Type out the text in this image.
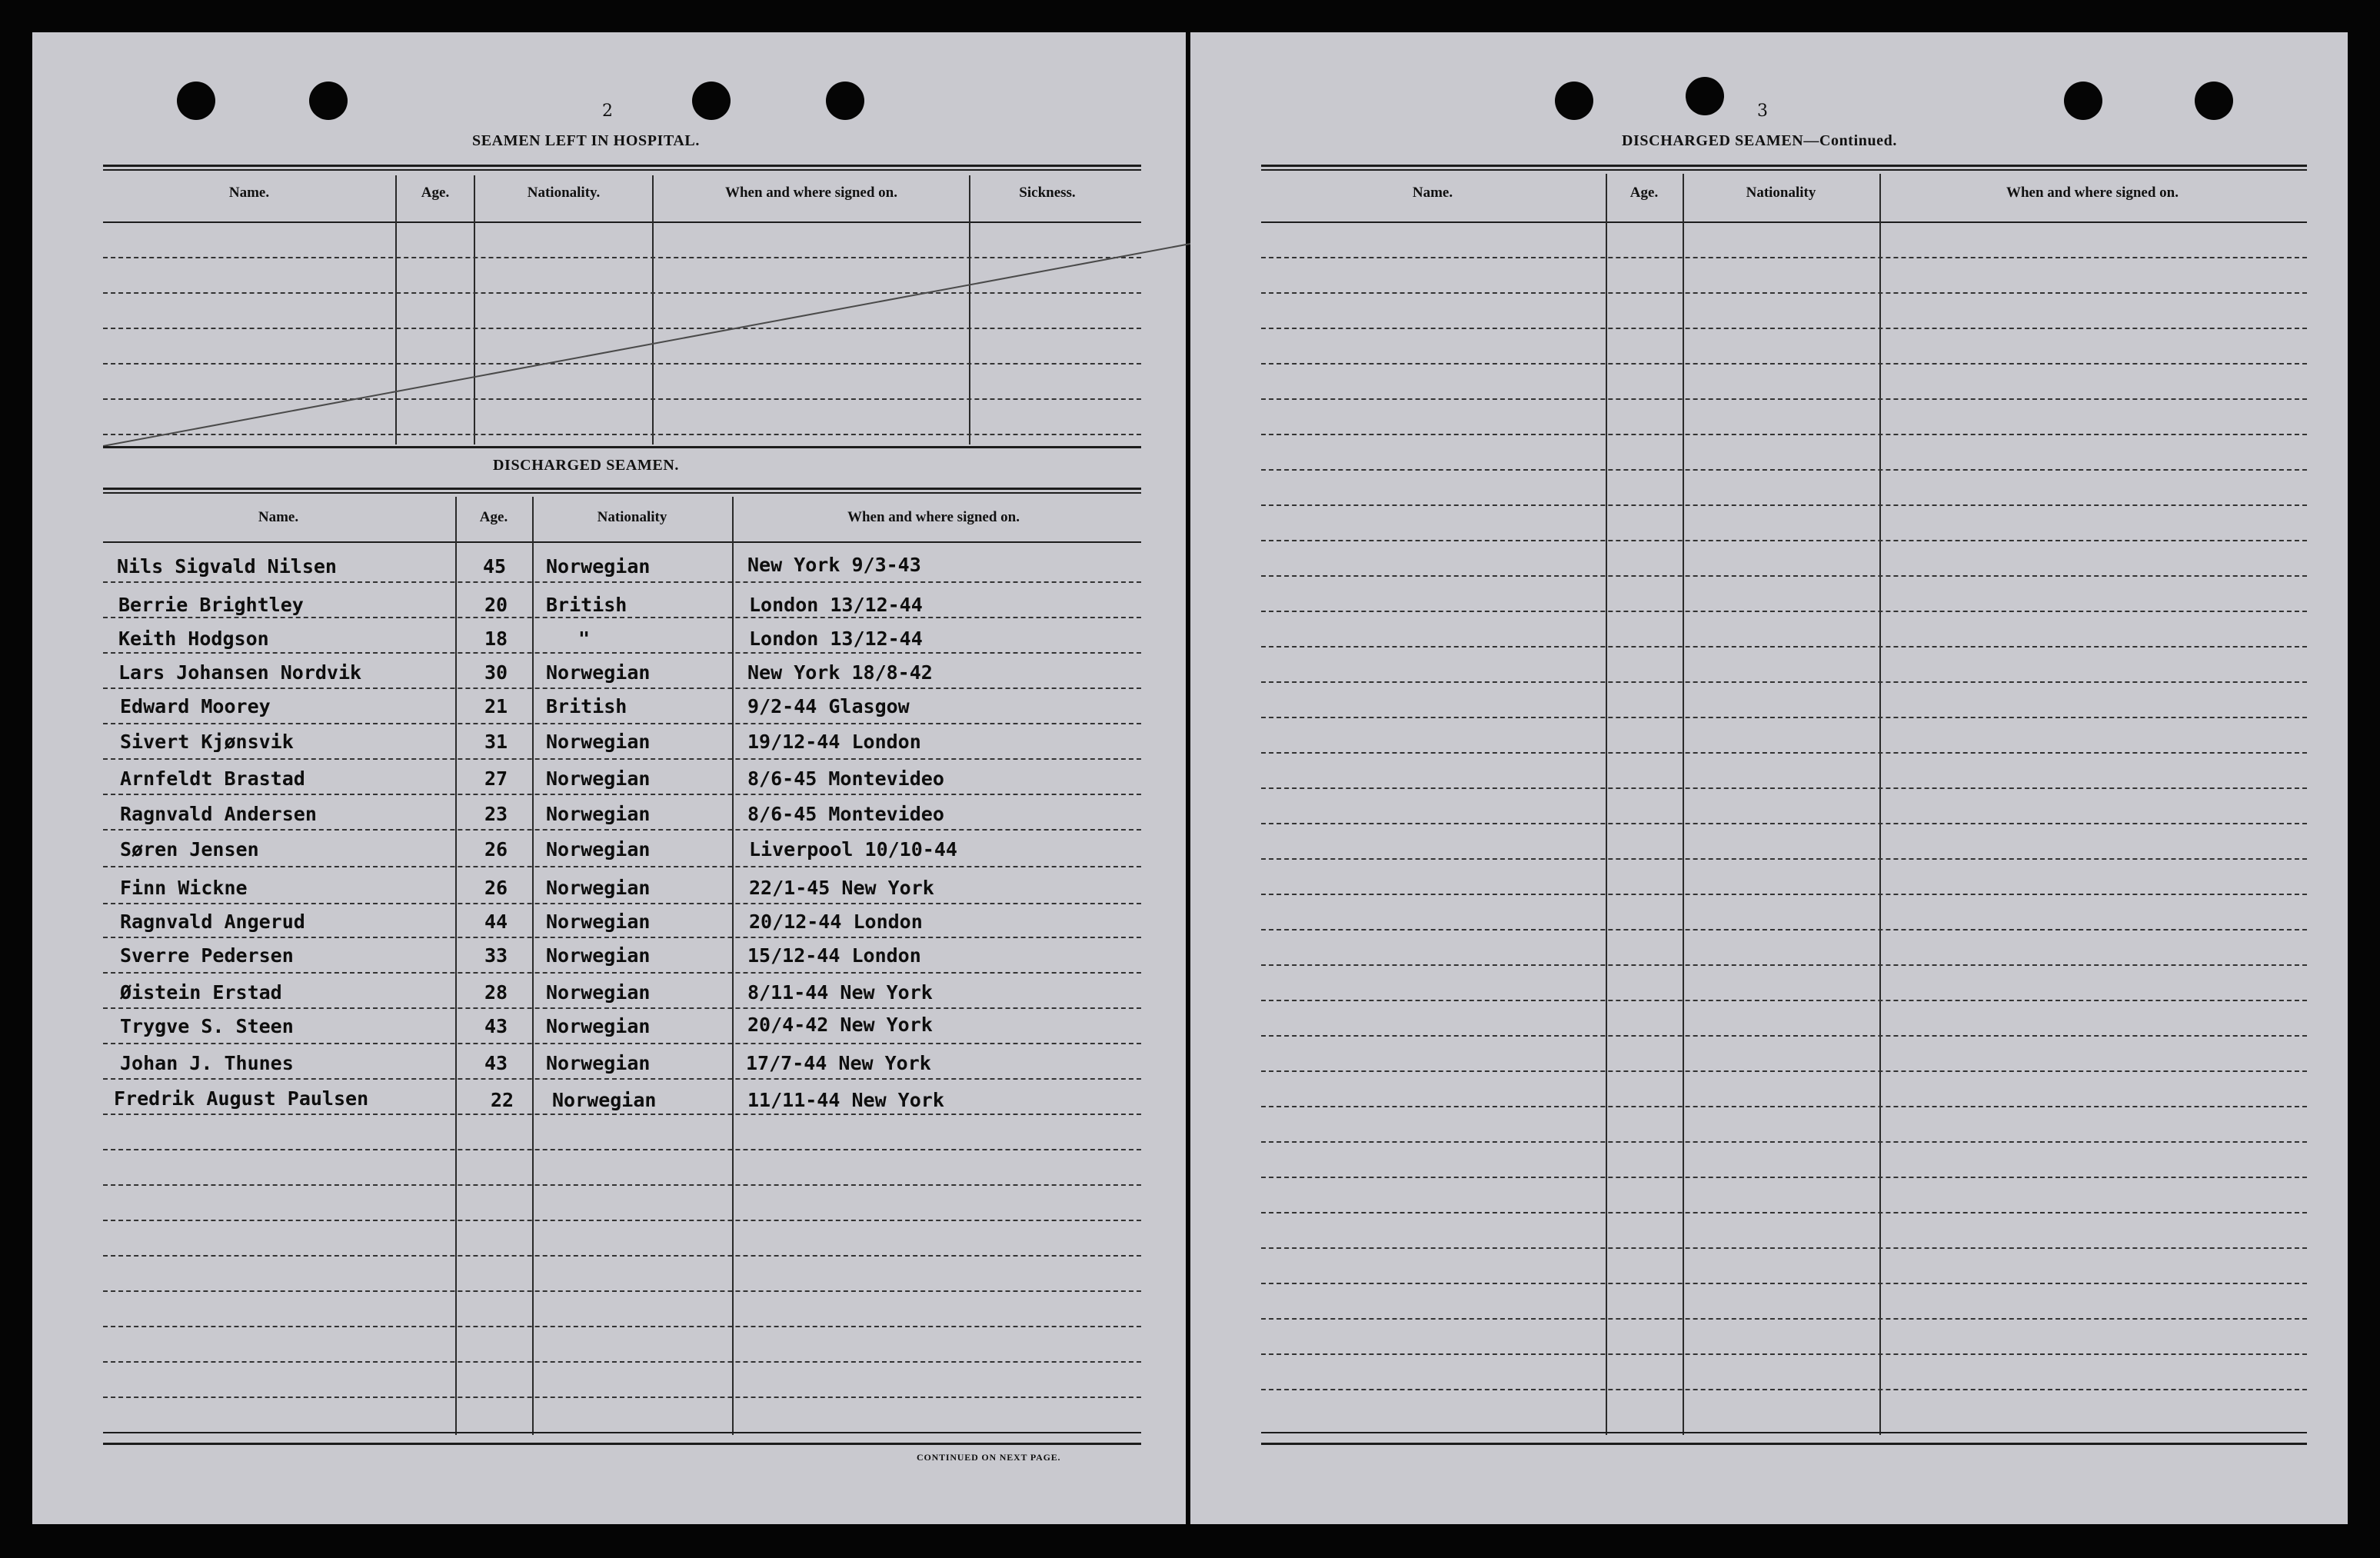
2
SEAMEN LEFT IN HOSPITAL.
Name.	Age.	Nationality.	When and where signed on.	Sickness.
DISCHARGED SEAMEN.
Name.	Age.	Nationality	When and where signed on.
Nils Sigvald Nilsen	45 Norwegian	New York 9/3-43
Berrie Brightley	20 British	London 13/12-44
Keith Hodgson	18	"	London 13/12-44
Lars Johansen Nordvik	30 Norwegian	New York 18/8-42
Edward Moorey	21 British	9/2-44 Glasgow
Sivert Kjønsvik	31 Norwegian	19/12-44 London
Arnfeldt Brastad	27 Norwegian	8/6-45 Montevideo
Ragnvald Andersen	23 Norwegian	8/6-45 Montevideo
Søren Jensen	26 Norwegian	Liverpool 10/10-44
Finn Wickne	26 Norwegian	22/1-45 New York
Ragnvald Angerud	44 Norwegian	20/12-44 London
Sverre Pedersen	33 Norwegian	15/12-44 London
Øistein Erstad	28 Norwegian	8/11-44 New York
Trygve S. Steen	43 Norwegian	20/4-42 New York
Johan J. Thunes	43 Norwegian	17/7-44 New York
Fredrik August Paulsen	22 Norwegian	11/11-44 New York
CONTINUED ON NEXT PAGE.
3
DISCHARGED SEAMEN—Continued.
Name.	Age.	Nationality	When and where signed on.
